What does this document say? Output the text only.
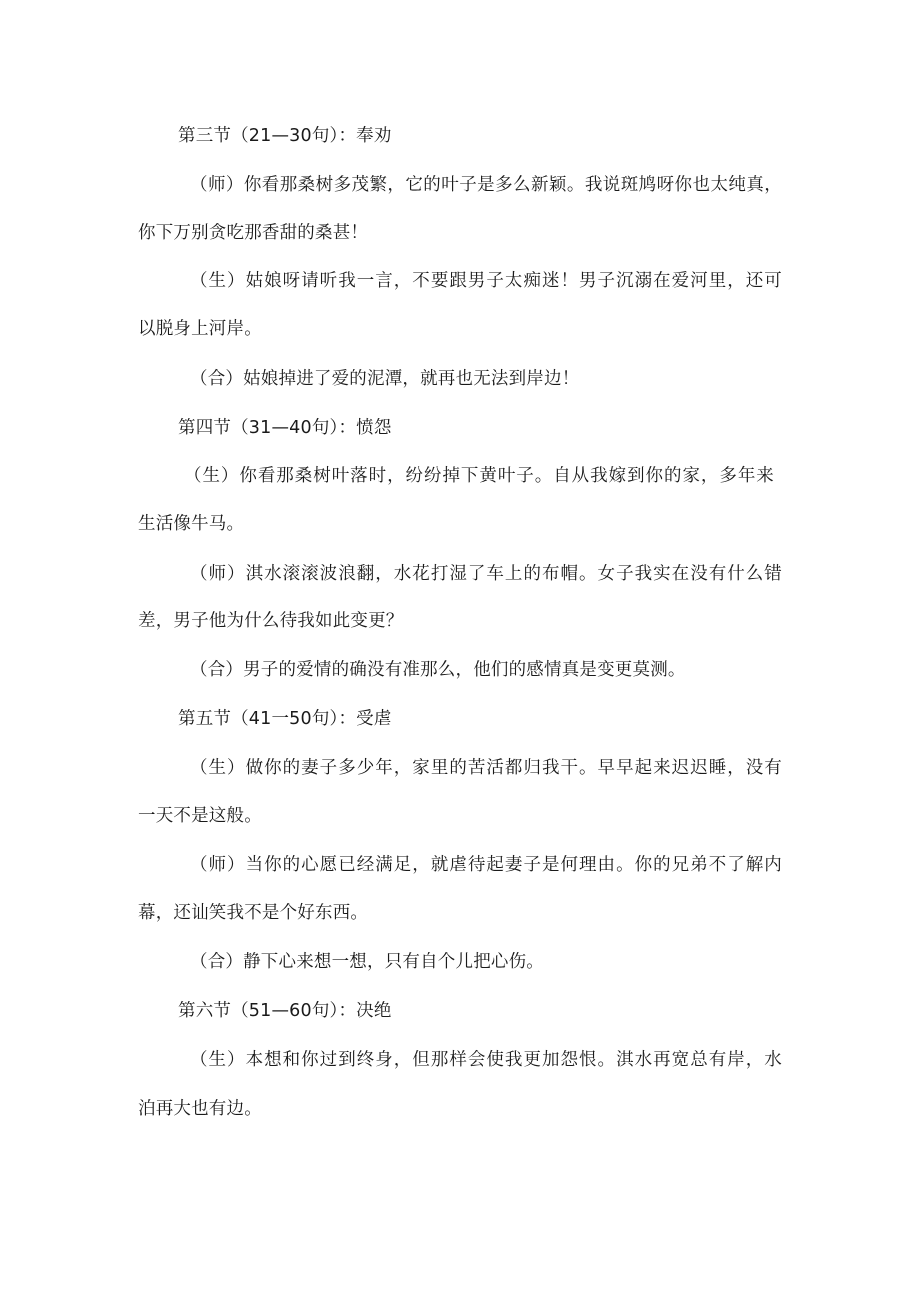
第三节（21—30句）：奉劝

（师）你看那桑树多茂繁，它的叶子是多么新颖。我说斑鸠呀你也太纯真，

你下万别贪吃那香甜的桑甚！

（生）姑娘呀请听我一言，不要跟男子太痴迷！男子沉溺在爱河里，还可

以脱身上河岸。

（合）姑娘掉进了爱的泥潭，就再也无法到岸边！

第四节（31—40句）：愤怨

（生）你看那桑树叶落时，纷纷掉下黄叶子。自从我嫁到你的家，多年来

生活像牛马。

（师）淇水滚滚波浪翻，水花打湿了车上的布帽。女子我实在没有什么错

差，男子他为什么待我如此变更？

（合）男子的爱情的确没有准那么，他们的感情真是变更莫测。

第五节（41一50句）：受虐

（生）做你的妻子多少年，家里的苦活都归我干。早早起来迟迟睡，没有

一天不是这般。

（师）当你的心愿已经满足，就虐待起妻子是何理由。你的兄弟不了解内

幕，还讪笑我不是个好东西。

（合）静下心来想一想，只有自个儿把心伤。

第六节（51—60句）：决绝

（生）本想和你过到终身，但那样会使我更加怨恨。淇水再宽总有岸，水

泊再大也有边。
